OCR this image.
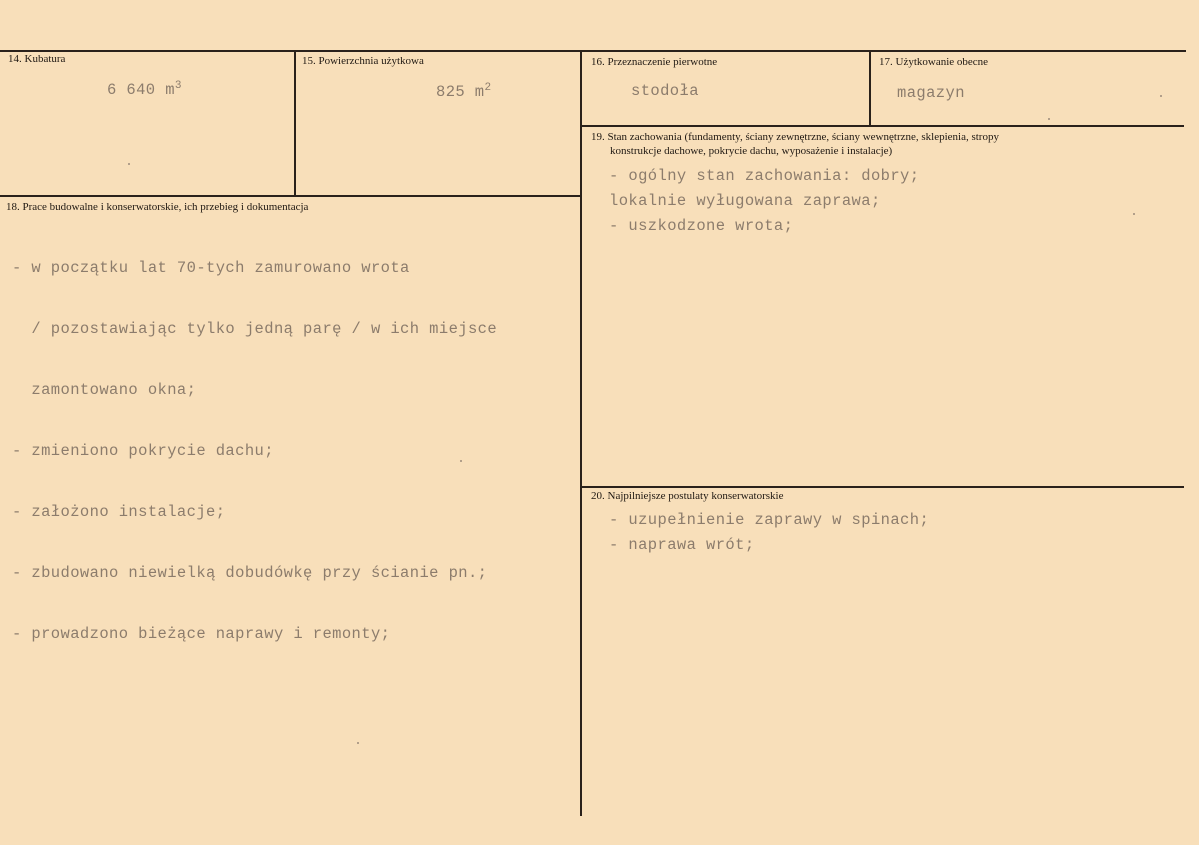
14. Kubatura
6 640 $m^3$
15. Powierzchnia użytkowa
825 $m^2$
16. Przeznaczenie pierwotne
stodoła
17. Użytkowanie obecne
magazyn
19. Stan zachowania (fundamenty, ściany zewnętrzne, ściany wewnętrzne, sklepienia, stropy
konstrukcje dachowe, pokrycie dachu, wyposażenie i instalacje)
- ogólny stan zachowania: dobry;
lokalnie wyługowana zaprawa;
- uszkodzone wrota;
18. Prace budowalne i konserwatorskie, ich przebieg i dokumentacja

- w początku lat 70-tych zamurowano wrota

/ pozostawiając tylko jedną parę / w ich miejsce

zamontowano okna;

- zmieniono pokrycie dachu;

- założono instalacje;

- zbudowano niewielką dobudówkę przy ścianie pn.;

- prowadzono bieżące naprawy i remonty;

20. Najpilniejsze postulaty konserwatorskie
- uzupełnienie zaprawy w spinach;
- naprawa wrót;
